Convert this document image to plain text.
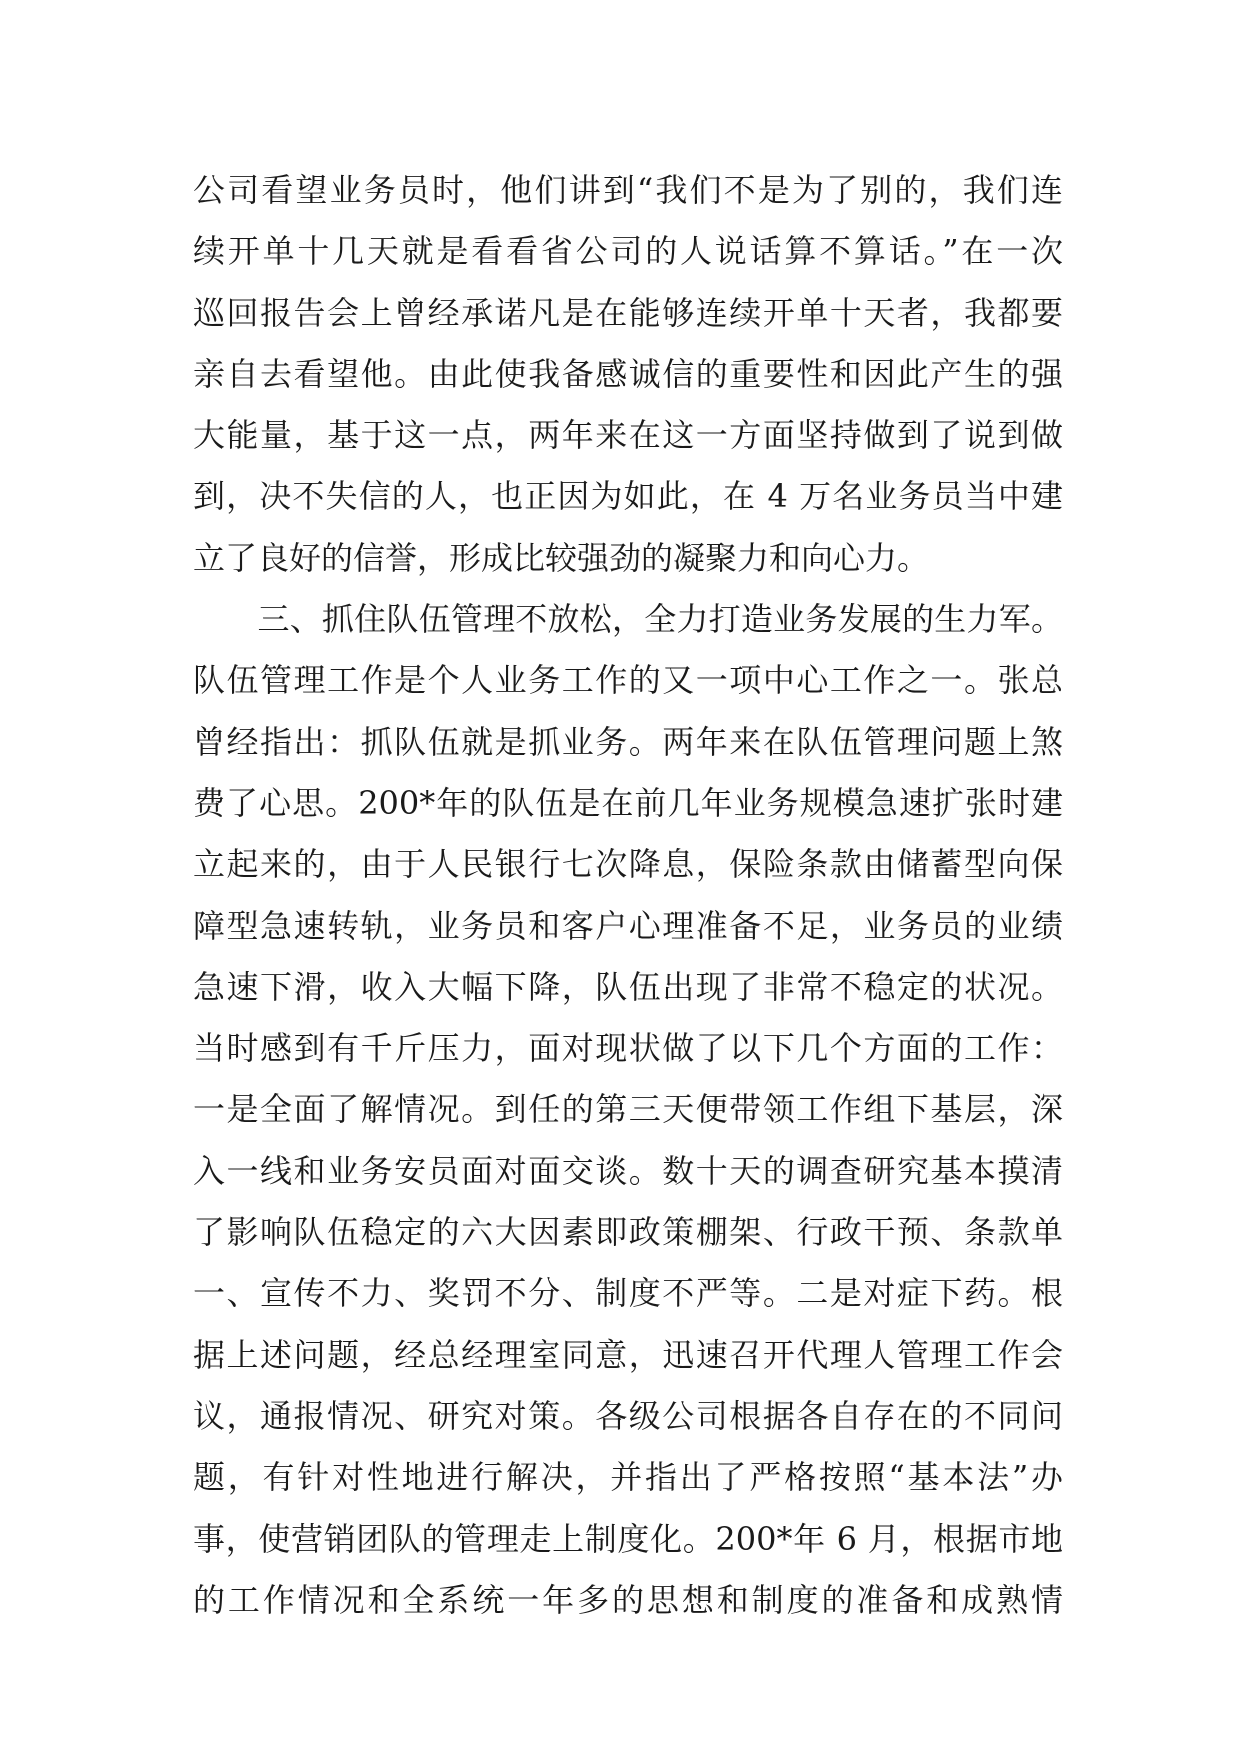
公司看望业务员时，他们讲到“我们不是为了别的，我们连
续开单十几天就是看看省公司的人说话算不算话。”在一次
巡回报告会上曾经承诺凡是在能够连续开单十天者，我都要
亲自去看望他。由此使我备感诚信的重要性和因此产生的强
大能量，基于这一点，两年来在这一方面坚持做到了说到做
到，决不失信的人，也正因为如此，在 4 万名业务员当中建
立了良好的信誉，形成比较强劲的凝聚力和向心力。
　　三、抓住队伍管理不放松，全力打造业务发展的生力军。
队伍管理工作是个人业务工作的又一项中心工作之一。张总
曾经指出：抓队伍就是抓业务。两年来在队伍管理问题上煞
费了心思。200*年的队伍是在前几年业务规模急速扩张时建
立起来的，由于人民银行七次降息，保险条款由储蓄型向保
障型急速转轨，业务员和客户心理准备不足，业务员的业绩
急速下滑，收入大幅下降，队伍出现了非常不稳定的状况。
当时感到有千斤压力，面对现状做了以下几个方面的工作：
一是全面了解情况。到任的第三天便带领工作组下基层，深
入一线和业务安员面对面交谈。数十天的调查研究基本摸清
了影响队伍稳定的六大因素即政策棚架、行政干预、条款单
一、宣传不力、奖罚不分、制度不严等。二是对症下药。根
据上述问题，经总经理室同意，迅速召开代理人管理工作会
议，通报情况、研究对策。各级公司根据各自存在的不同问
题，有针对性地进行解决，并指出了严格按照“基本法”办
事，使营销团队的管理走上制度化。200*年 6 月，根据市地
的工作情况和全系统一年多的思想和制度的准备和成熟情
